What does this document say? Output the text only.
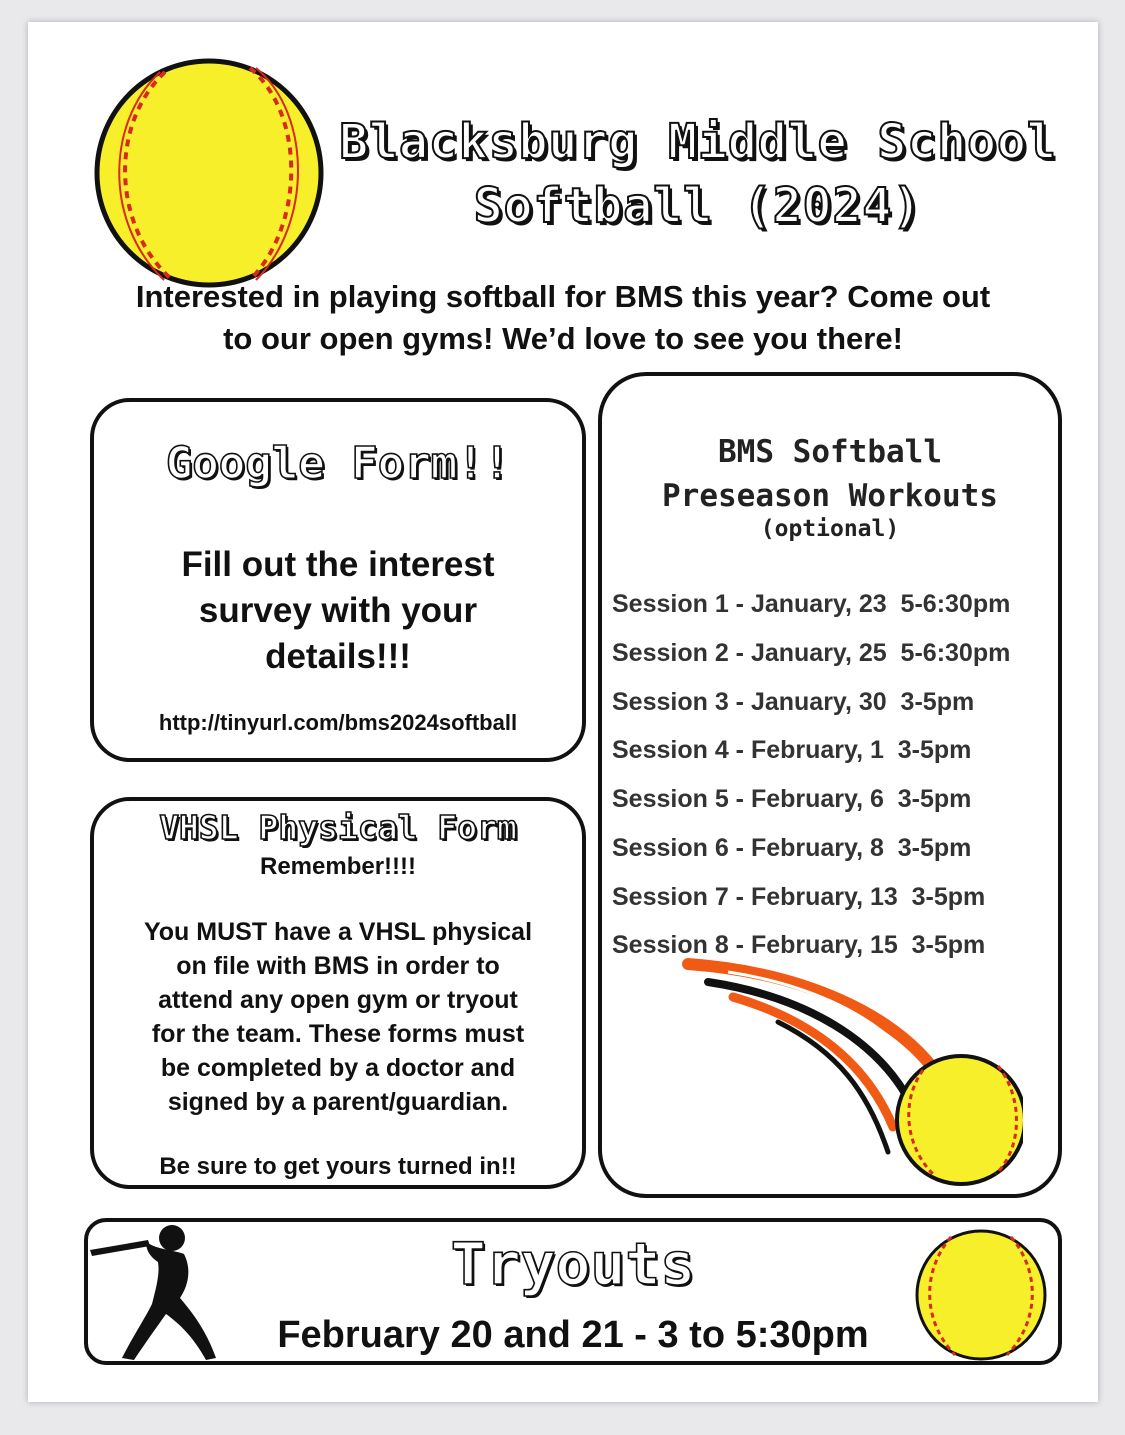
Blacksburg Middle School
Softball (2024)
Interested in playing softball for BMS this year? Come out
to our open gyms! We’d love to see you there!
Google Form!!
Fill out the interest
survey with your
details!!!
http://tinyurl.com/bms2024softball
VHSL Physical Form
Remember!!!!
You MUST have a VHSL physical
on file with BMS in order to
attend any open gym or tryout
for the team. These forms must
be completed by a doctor and
signed by a parent/guardian.
Be sure to get yours turned in!!
BMS Softball
Preseason Workouts
(optional)
Session 1 - January, 23  5-6:30pm
Session 2 - January, 25  5-6:30pm
Session 3 - January, 30  3-5pm
Session 4 - February, 1  3-5pm
Session 5 - February, 6  3-5pm
Session 6 - February, 8  3-5pm
Session 7 - February, 13  3-5pm
Session 8 - February, 15  3-5pm
Tryouts
February 20 and 21 - 3 to 5:30pm
